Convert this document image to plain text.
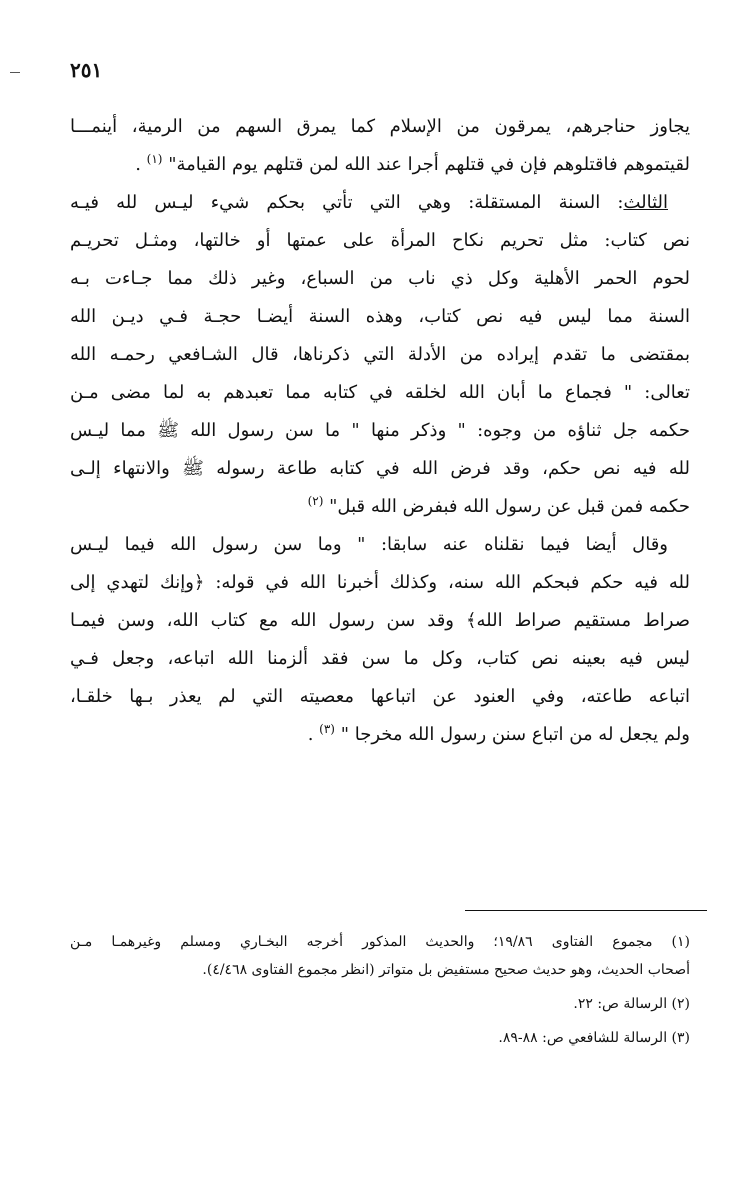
٢٥١

يجاوز حناجرهم، يمرقون من الإسلام كما يمرق السهم من الرمية، أينمـــا
لقيتموهم فاقتلوهم فإن في قتلهم أجرا عند الله لمن قتلهم يوم القيامة" $^{(١)}$ .

الثالث: السنة المستقلة: وهي التي تأتي بحكم شيء ليـس لله فيـه

نص كتاب: مثل تحريم نكاح المرأة على عمتها أو خالتها، ومثـل تحريـم
لحوم الحمر الأهلية وكل ذي ناب من السباع، وغير ذلك مما جـاءت بـه
السنة مما ليس فيه نص كتاب، وهذه السنة أيضـا حجـة فـي ديـن الله
بمقتضى ما تقدم إيراده من الأدلة التي ذكرناها، قال الشـافعي رحمـه الله
تعالى: " فجماع ما أبان الله لخلقه في كتابه مما تعبدهم به لما مضى مـن
حكمه جل ثناؤه من وجوه: " وذكر منها " ما سن رسول الله ﷺ مما ليـس
لله فيه نص حكم، وقد فرض الله في كتابه طاعة رسوله ﷺ والانتهاء إلـى
حكمه فمن قبل عن رسول الله فبفرض الله قبل" $^{(٢)}$

وقال أيضا فيما نقلناه عنه سابقا: " وما سن رسول الله فيما ليـس

لله فيه حكم فبحكم الله سنه، وكذلك أخبرنا الله في قوله: ﴿وإنك لتهدي إلى
صراط مستقيم صراط الله﴾ وقد سن رسول الله مع كتاب الله، وسن فيمـا
ليس فيه بعينه نص كتاب، وكل ما سن فقد ألزمنا الله اتباعه، وجعل فـي
اتباعه طاعته، وفي العنود عن اتباعها معصيته التي لم يعذر بـها خلقـا،
ولم يجعل له من اتباع سنن رسول الله مخرجا " $^{(٣)}$ .

(١) مجموع الفتاوى ١٩/٨٦؛ والحديث المذكور أخرجه البخـاري ومسلم وغيرهمـا مـن
أصحاب الحديث، وهو حديث صحيح مستفيض بل متواتر (انظر مجموع الفتاوى ٤/٤٦٨).
(٢) الرسالة ص: ٢٢.
(٣) الرسالة للشافعي ص: ٨٨-٨٩.
